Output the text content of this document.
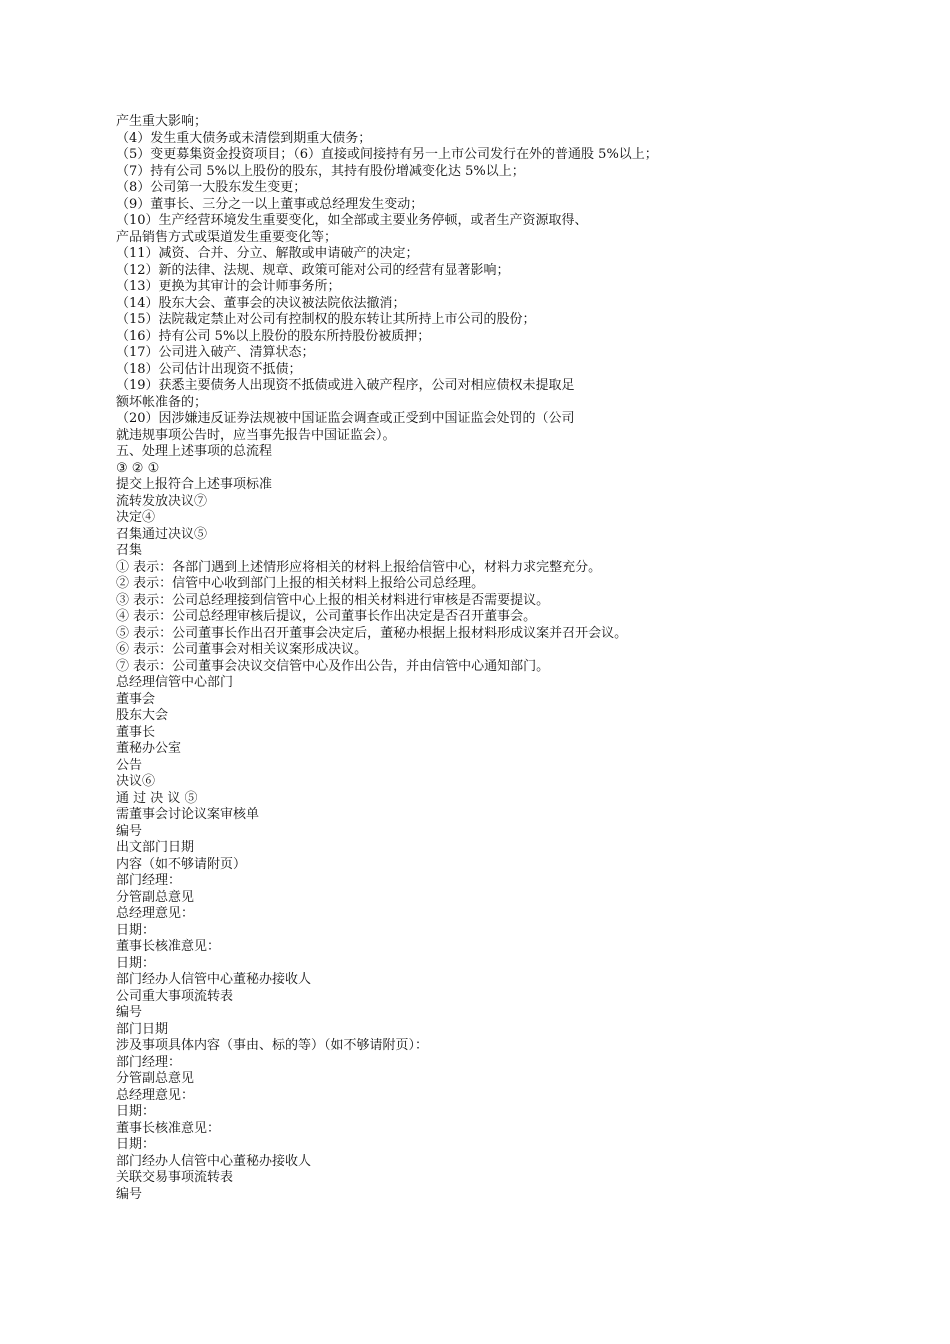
产生重大影响；
（4）发生重大债务或未清偿到期重大债务；
（5）变更募集资金投资项目；（6）直接或间接持有另一上市公司发行在外的普通股 5%以上；
（7）持有公司 5%以上股份的股东，其持有股份增减变化达 5%以上；
（8）公司第一大股东发生变更；
（9）董事长、三分之一以上董事或总经理发生变动；
（10）生产经营环境发生重要变化，如全部或主要业务停顿，或者生产资源取得、
产品销售方式或渠道发生重要变化等；
（11）减资、合并、分立、解散或申请破产的决定；
（12）新的法律、法规、规章、政策可能对公司的经营有显著影响；
（13）更换为其审计的会计师事务所；
（14）股东大会、董事会的决议被法院依法撤消；
（15）法院裁定禁止对公司有控制权的股东转让其所持上市公司的股份；
（16）持有公司 5%以上股份的股东所持股份被质押；
（17）公司进入破产、清算状态；
（18）公司估计出现资不抵债；
（19）获悉主要债务人出现资不抵债或进入破产程序，公司对相应债权未提取足
额坏帐准备的；
（20）因涉嫌违反证券法规被中国证监会调查或正受到中国证监会处罚的（公司
就违规事项公告时，应当事先报告中国证监会）。
五、处理上述事项的总流程
③ ② ①
提交上报符合上述事项标准
流转发放决议⑦
决定④
召集通过决议⑤
召集
① 表示：各部门遇到上述情形应将相关的材料上报给信管中心，材料力求完整充分。
② 表示：信管中心收到部门上报的相关材料上报给公司总经理。
③ 表示：公司总经理接到信管中心上报的相关材料进行审核是否需要提议。
④ 表示：公司总经理审核后提议，公司董事长作出决定是否召开董事会。
⑤ 表示：公司董事长作出召开董事会决定后，董秘办根据上报材料形成议案并召开会议。
⑥ 表示：公司董事会对相关议案形成决议。
⑦ 表示：公司董事会决议交信管中心及作出公告，并由信管中心通知部门。
总经理信管中心部门
董事会
股东大会
董事长
董秘办公室
公告
决议⑥
通 过 决 议 ⑤
需董事会讨论议案审核单
编号
出文部门日期
内容（如不够请附页）
部门经理：
分管副总意见
总经理意见：
日期：
董事长核准意见：
日期：
部门经办人信管中心董秘办接收人
公司重大事项流转表
编号
部门日期
涉及事项具体内容（事由、标的等）（如不够请附页）：
部门经理：
分管副总意见
总经理意见：
日期：
董事长核准意见：
日期：
部门经办人信管中心董秘办接收人
关联交易事项流转表
编号
